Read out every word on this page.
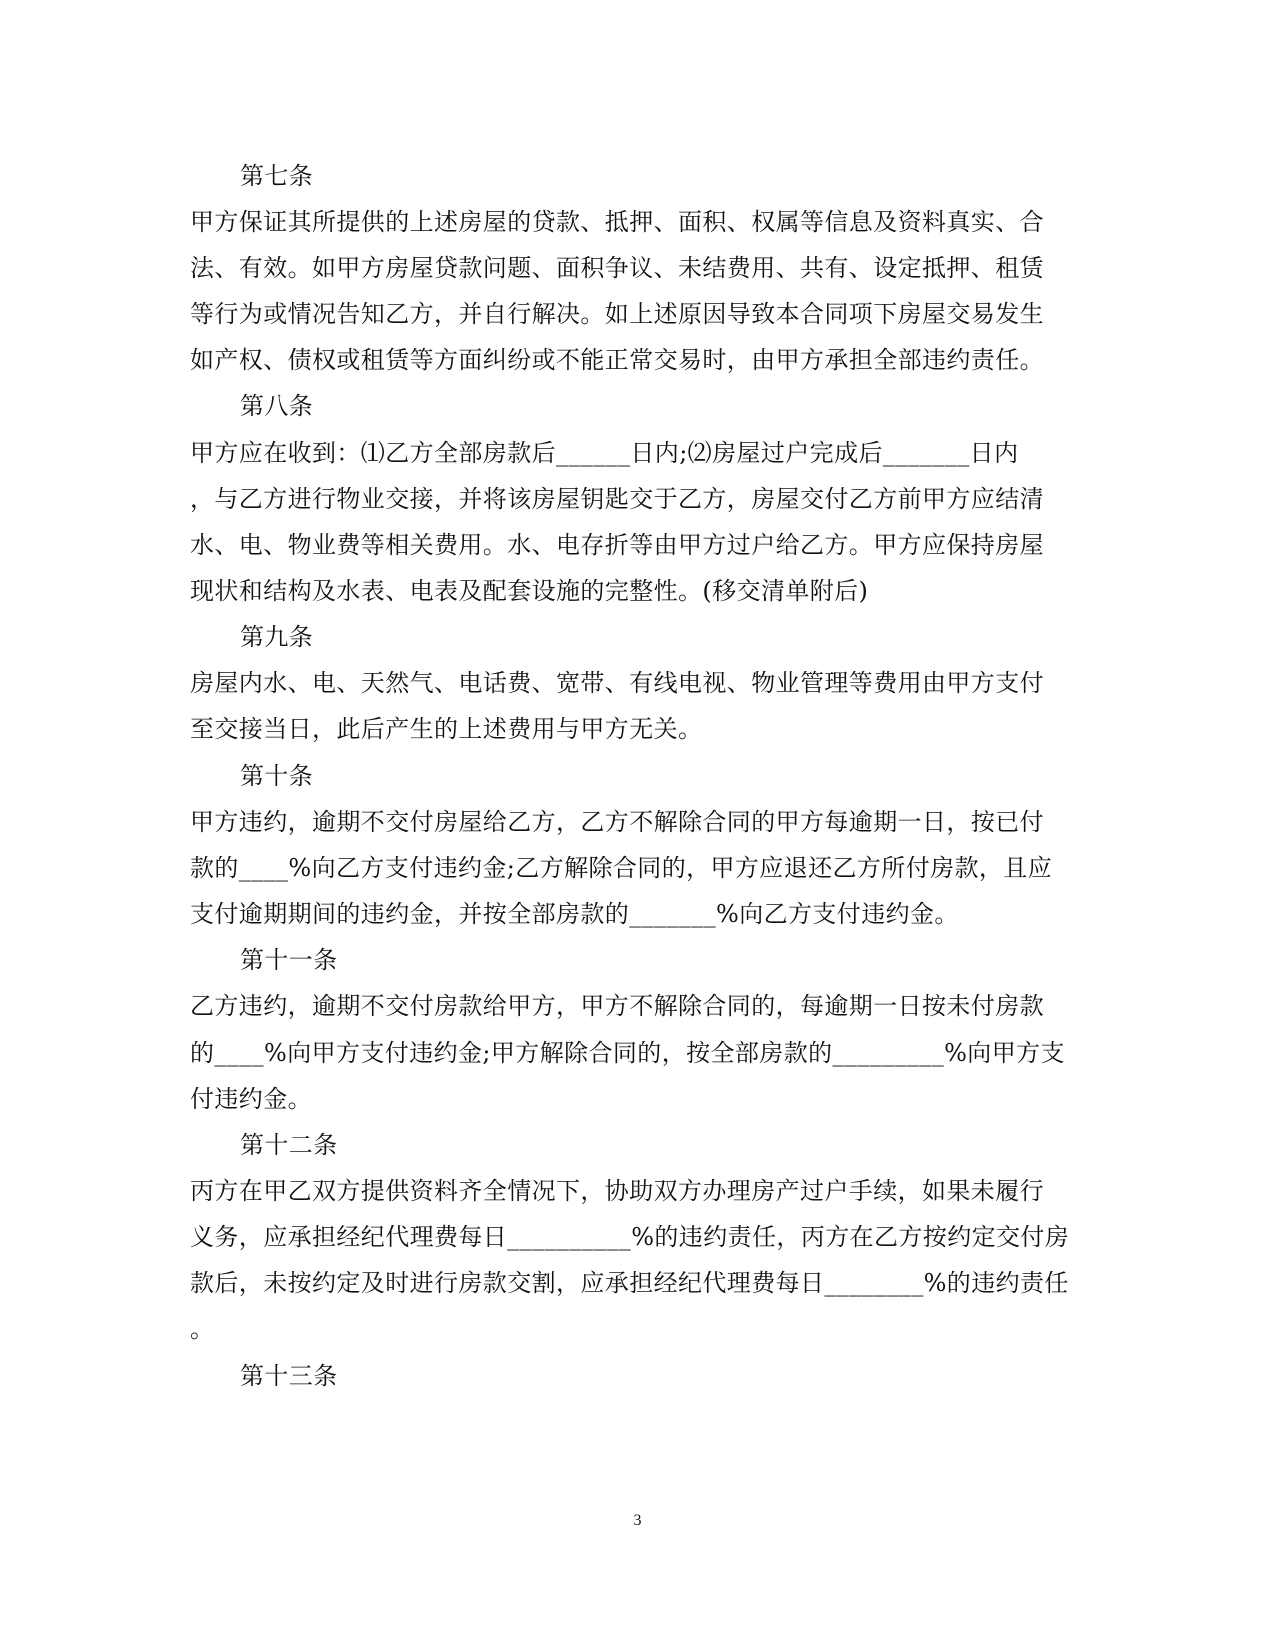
第七条
甲方保证其所提供的上述房屋的贷款、抵押、面积、权属等信息及资料真实、合
法、有效。如甲方房屋贷款问题、面积争议、未结费用、共有、设定抵押、租赁
等行为或情况告知乙方，并自行解决。如上述原因导致本合同项下房屋交易发生
如产权、债权或租赁等方面纠纷或不能正常交易时，由甲方承担全部违约责任。
第八条
甲方应在收到：⑴乙方全部房款后______日内;⑵房屋过户完成后_______日内
，与乙方进行物业交接，并将该房屋钥匙交于乙方，房屋交付乙方前甲方应结清
水、电、物业费等相关费用。水、电存折等由甲方过户给乙方。甲方应保持房屋
现状和结构及水表、电表及配套设施的完整性。(移交清单附后)
第九条
房屋内水、电、天然气、电话费、宽带、有线电视、物业管理等费用由甲方支付
至交接当日，此后产生的上述费用与甲方无关。
第十条
甲方违约，逾期不交付房屋给乙方，乙方不解除合同的甲方每逾期一日，按已付
款的____%向乙方支付违约金;乙方解除合同的，甲方应退还乙方所付房款，且应
支付逾期期间的违约金，并按全部房款的_______%向乙方支付违约金。
第十一条
乙方违约，逾期不交付房款给甲方，甲方不解除合同的，每逾期一日按未付房款
的____%向甲方支付违约金;甲方解除合同的，按全部房款的_________%向甲方支
付违约金。
第十二条
丙方在甲乙双方提供资料齐全情况下，协助双方办理房产过户手续，如果未履行
义务，应承担经纪代理费每日__________%的违约责任，丙方在乙方按约定交付房
款后，未按约定及时进行房款交割，应承担经纪代理费每日________%的违约责任
。
第十三条
3
